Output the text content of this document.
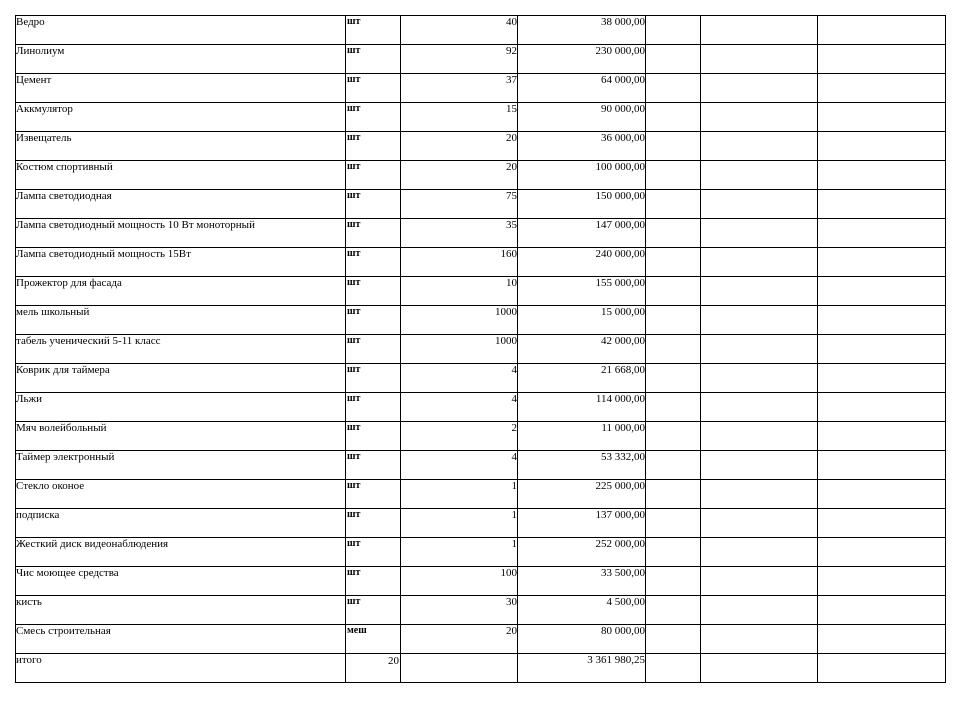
Ведро	шт	40	38 000,00			
Линолиум	шт	92	230 000,00			
Цемент	шт	37	64 000,00			
Аккмулятор	шт	15	90 000,00			
Извещатель	шт	20	36 000,00			
Костюм спортивный	шт	20	100 000,00			
Лампа светодиодная	шт	75	150 000,00			
Лампа светодиодный мощность 10 Вт моноторный	шт	35	147 000,00			
Лампа светодиодный мощность 15Вт	шт	160	240 000,00			
Прожектор для фасада	шт	10	155 000,00			
мель школьный	шт	1000	15 000,00			
табель ученический 5-11 класс	шт	1000	42 000,00			
Коврик для таймера	шт	4	21 668,00			
Льжи	шт	4	114 000,00			
Мяч волейбольный	шт	2	11 000,00			
Таймер электронный	шт	4	53 332,00			
Стекло оконое	шт	1	225 000,00			
подписка	шт	1	137 000,00			
Жесткий диск видеонаблюдения	шт	1	252 000,00			
Чис моющее средства	шт	100	33 500,00			
кисть	шт	30	4 500,00			
Смесь строительная	меш	20	80 000,00			
итого	20		3 361 980,25			
